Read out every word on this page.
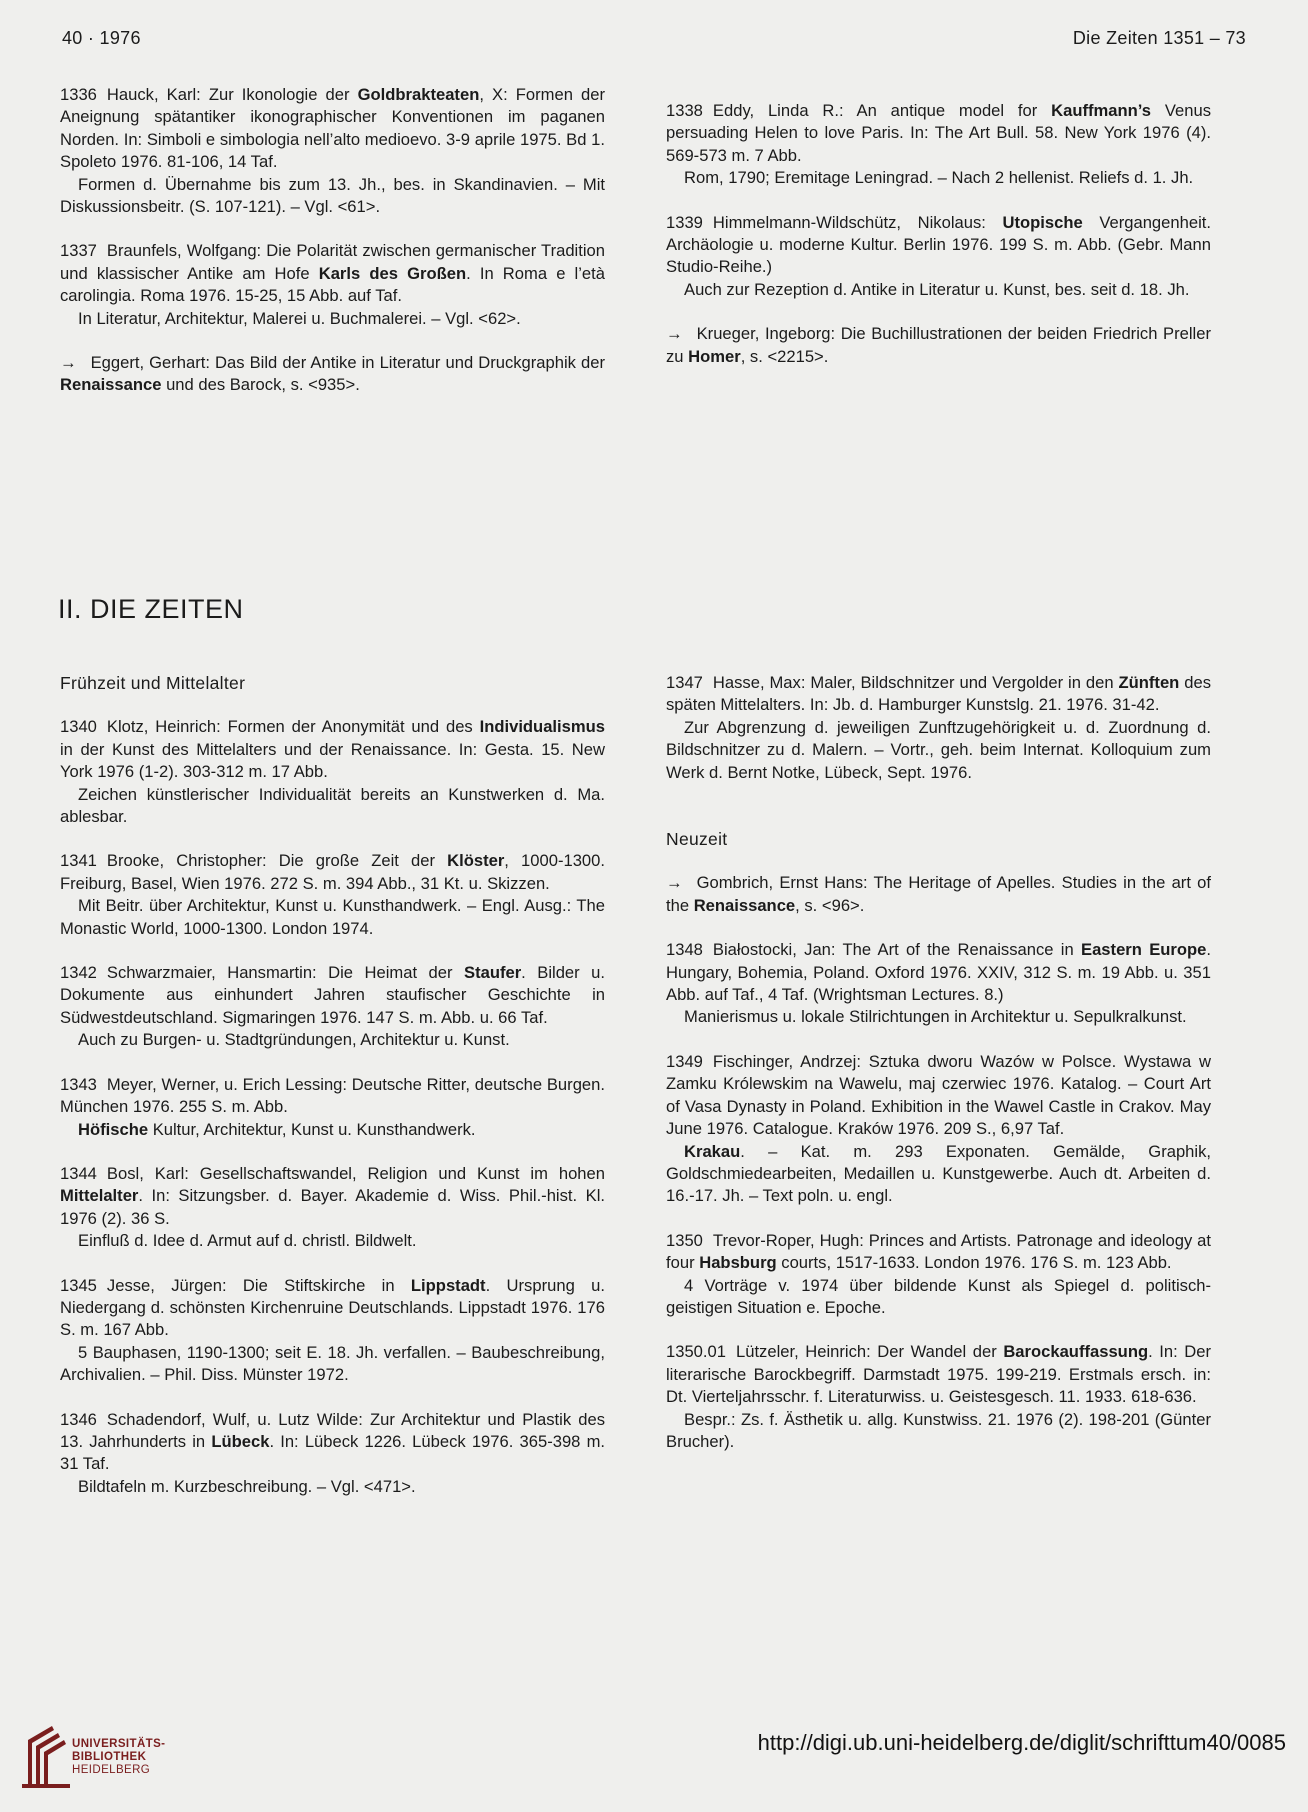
40 · 1976	Die Zeiten 1351 – 73

1336 Hauck, Karl: Zur Ikonologie der Goldbrakteaten, X: Formen der Aneignung spätantiker ikonographischer Konventionen im paganen Norden. In: Simboli e simbologia nell’alto medioevo. 3-9 aprile 1975. Bd 1. Spoleto 1976. 81-106, 14 Taf.

Formen d. Übernahme bis zum 13. Jh., bes. in Skandinavien. – Mit Diskussionsbeitr. (S. 107-121). – Vgl. <61>.

1337 Braunfels, Wolfgang: Die Polarität zwischen germanischer Tradition und klassischer Antike am Hofe Karls des Großen. In Roma e l’età carolingia. Roma 1976. 15-25, 15 Abb. auf Taf.

In Literatur, Architektur, Malerei u. Buchmalerei. – Vgl. <62>.

→ Eggert, Gerhart: Das Bild der Antike in Literatur und Druckgraphik der Renaissance und des Barock, s. <935>.

1338 Eddy, Linda R.: An antique model for Kauffmann’s Venus persuading Helen to love Paris. In: The Art Bull. 58. New York 1976 (4). 569-573 m. 7 Abb.

Rom, 1790; Eremitage Leningrad. – Nach 2 hellenist. Reliefs d. 1. Jh.

1339 Himmelmann-Wildschütz, Nikolaus: Utopische Vergangenheit. Archäologie u. moderne Kultur. Berlin 1976. 199 S. m. Abb. (Gebr. Mann Studio-Reihe.)

Auch zur Rezeption d. Antike in Literatur u. Kunst, bes. seit d. 18. Jh.

→ Krueger, Ingeborg: Die Buchillustrationen der beiden Friedrich Preller zu Homer, s. <2215>.

II. DIE ZEITEN
Frühzeit und Mittelalter

1340 Klotz, Heinrich: Formen der Anonymität und des Individualismus in der Kunst des Mittelalters und der Renaissance. In: Gesta. 15. New York 1976 (1-2). 303-312 m. 17 Abb.

Zeichen künstlerischer Individualität bereits an Kunstwerken d. Ma. ablesbar.

1341 Brooke, Christopher: Die große Zeit der Klöster, 1000-1300. Freiburg, Basel, Wien 1976. 272 S. m. 394 Abb., 31 Kt. u. Skizzen.

Mit Beitr. über Architektur, Kunst u. Kunsthandwerk. – Engl. Ausg.: The Monastic World, 1000-1300. London 1974.

1342 Schwarzmaier, Hansmartin: Die Heimat der Staufer. Bilder u. Dokumente aus einhundert Jahren staufischer Geschichte in Südwestdeutschland. Sigmaringen 1976. 147 S. m. Abb. u. 66 Taf.

Auch zu Burgen- u. Stadtgründungen, Architektur u. Kunst.

1343 Meyer, Werner, u. Erich Lessing: Deutsche Ritter, deutsche Burgen. München 1976. 255 S. m. Abb.

Höfische Kultur, Architektur, Kunst u. Kunsthandwerk.

1344 Bosl, Karl: Gesellschaftswandel, Religion und Kunst im hohen Mittelalter. In: Sitzungsber. d. Bayer. Akademie d. Wiss. Phil.-hist. Kl. 1976 (2). 36 S.

Einfluß d. Idee d. Armut auf d. christl. Bildwelt.

1345 Jesse, Jürgen: Die Stiftskirche in Lippstadt. Ursprung u. Niedergang d. schönsten Kirchenruine Deutschlands. Lippstadt 1976. 176 S. m. 167 Abb.

5 Bauphasen, 1190-1300; seit E. 18. Jh. verfallen. – Baubeschreibung, Archivalien. – Phil. Diss. Münster 1972.

1346 Schadendorf, Wulf, u. Lutz Wilde: Zur Architektur und Plastik des 13. Jahrhunderts in Lübeck. In: Lübeck 1226. Lübeck 1976. 365-398 m. 31 Taf.

Bildtafeln m. Kurzbeschreibung. – Vgl. <471>.

1347 Hasse, Max: Maler, Bildschnitzer und Vergolder in den Zünften des späten Mittelalters. In: Jb. d. Hamburger Kunstslg. 21. 1976. 31-42.

Zur Abgrenzung d. jeweiligen Zunftzugehörigkeit u. d. Zuordnung d. Bildschnitzer zu d. Malern. – Vortr., geh. beim Internat. Kolloquium zum Werk d. Bernt Notke, Lübeck, Sept. 1976.

Neuzeit

→ Gombrich, Ernst Hans: The Heritage of Apelles. Studies in the art of the Renaissance, s. <96>.

1348 Białostocki, Jan: The Art of the Renaissance in Eastern Europe. Hungary, Bohemia, Poland. Oxford 1976. XXIV, 312 S. m. 19 Abb. u. 351 Abb. auf Taf., 4 Taf. (Wrightsman Lectures. 8.)

Manierismus u. lokale Stilrichtungen in Architektur u. Sepulkralkunst.

1349 Fischinger, Andrzej: Sztuka dworu Wazów w Polsce. Wystawa w Zamku Królewskim na Wawelu, maj czerwiec 1976. Katalog. – Court Art of Vasa Dynasty in Poland. Exhibition in the Wawel Castle in Crakov. May June 1976. Catalogue. Kraków 1976. 209 S., 6,97 Taf.

Krakau. – Kat. m. 293 Exponaten. Gemälde, Graphik, Goldschmiedearbeiten, Medaillen u. Kunstgewerbe. Auch dt. Arbeiten d. 16.-17. Jh. – Text poln. u. engl.

1350 Trevor-Roper, Hugh: Princes and Artists. Patronage and ideology at four Habsburg courts, 1517-1633. London 1976. 176 S. m. 123 Abb.

4 Vorträge v. 1974 über bildende Kunst als Spiegel d. politisch-geistigen Situation e. Epoche.

1350.01 Lützeler, Heinrich: Der Wandel der Barockauffassung. In: Der literarische Barockbegriff. Darmstadt 1975. 199-219. Erstmals ersch. in: Dt. Vierteljahrsschr. f. Literaturwiss. u. Geistesgesch. 11. 1933. 618-636.

Bespr.: Zs. f. Ästhetik u. allg. Kunstwiss. 21. 1976 (2). 198-201 (Günter Brucher).

UNIVERSITÄTS-
BIBLIOTHEK
HEIDELBERG
http://digi.ub.uni-heidelberg.de/diglit/schrifttum40/0085
